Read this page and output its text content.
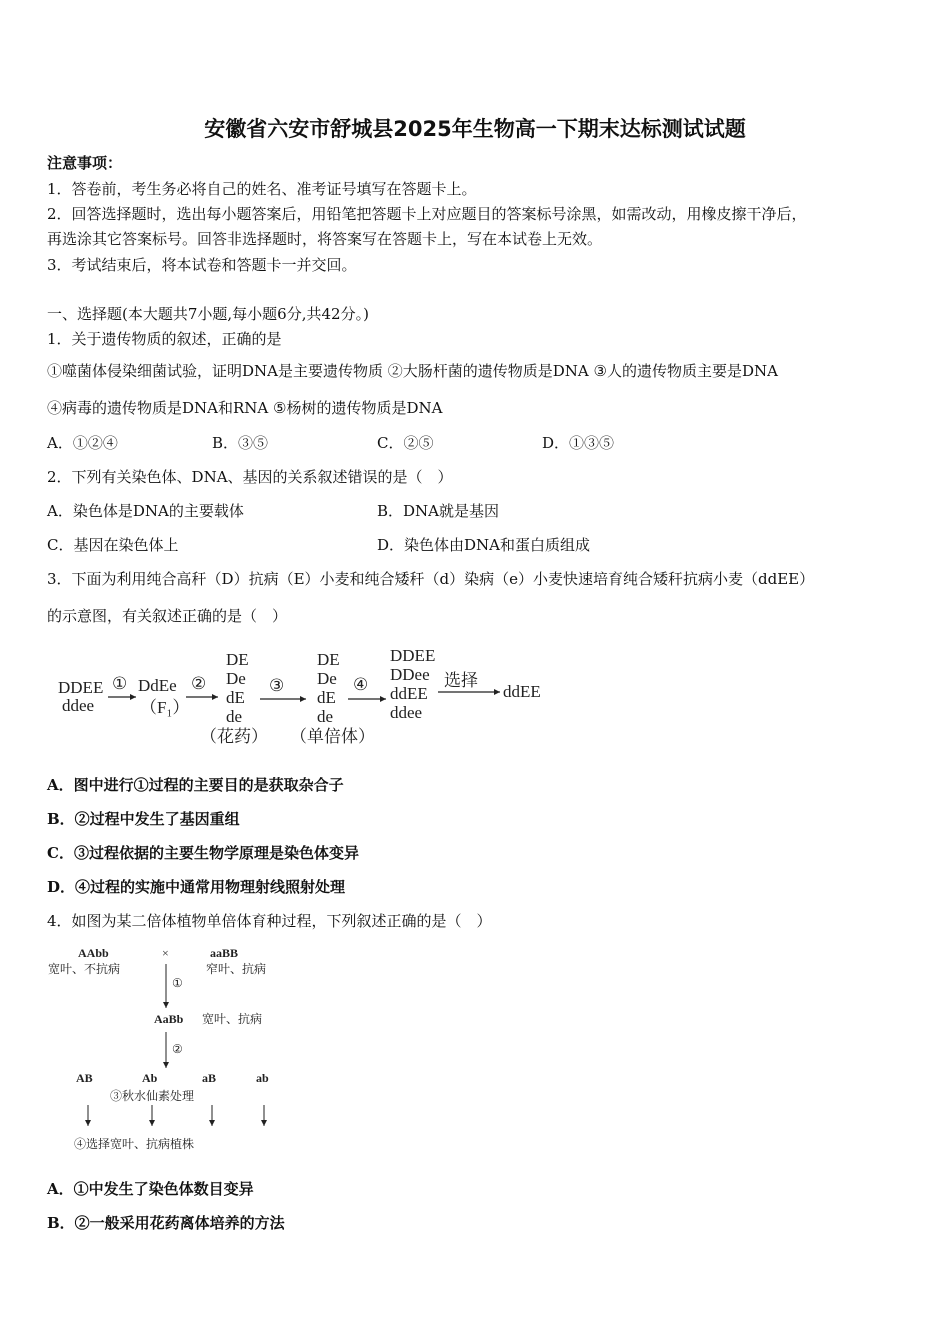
安徽省六安市舒城县2025年生物高一下期末达标测试试题
注意事项：
1．答卷前，考生务必将自己的姓名、准考证号填写在答题卡上。
2．回答选择题时，选出每小题答案后，用铅笔把答题卡上对应题目的答案标号涂黑，如需改动，用橡皮擦干净后，
再选涂其它答案标号。回答非选择题时，将答案写在答题卡上，写在本试卷上无效。
3．考试结束后，将本试卷和答题卡一并交回。
一、选择题(本大题共7小题,每小题6分,共42分。)
1．关于遗传物质的叙述，正确的是
①噬菌体侵染细菌试验，证明DNA是主要遗传物质 ②大肠杆菌的遗传物质是DNA ③人的遗传物质主要是DNA
④病毒的遗传物质是DNA和RNA ⑤杨树的遗传物质是DNA
A．①②④	B．③⑤	C．②⑤	D．①③⑤
2．下列有关染色体、DNA、基因的关系叙述错误的是（　）
A．染色体是DNA的主要载体	B．DNA就是基因
C．基因在染色体上	D．染色体由DNA和蛋白质组成
3．下面为利用纯合高秆（D）抗病（E）小麦和纯合矮秆（d）染病（e）小麦快速培育纯合矮秆抗病小麦（ddEE）
的示意图，有关叙述正确的是（　）
DDEE
ddee
① DdEe
（F₁）
②
DE
De
dE
de
（花药）
③
DE
De
dE
de
（单倍体）
④
DDEE
DDee
ddEE
ddee
选择
ddEE
A．图中进行①过程的主要目的是获取杂合子
B．②过程中发生了基因重组
C．③过程依据的主要生物学原理是染色体变异
D．④过程的实施中通常用物理射线照射处理
4．如图为某二倍体植物单倍体育种过程，下列叙述正确的是（　）
AAbb
宽叶、不抗病
×	aaBB
窄叶、抗病
①
AaBb 宽叶、抗病
②
AB	Ab	aB	ab
③秋水仙素处理
④选择宽叶、抗病植株
A．①中发生了染色体数目变异
B．②一般采用花药离体培养的方法
